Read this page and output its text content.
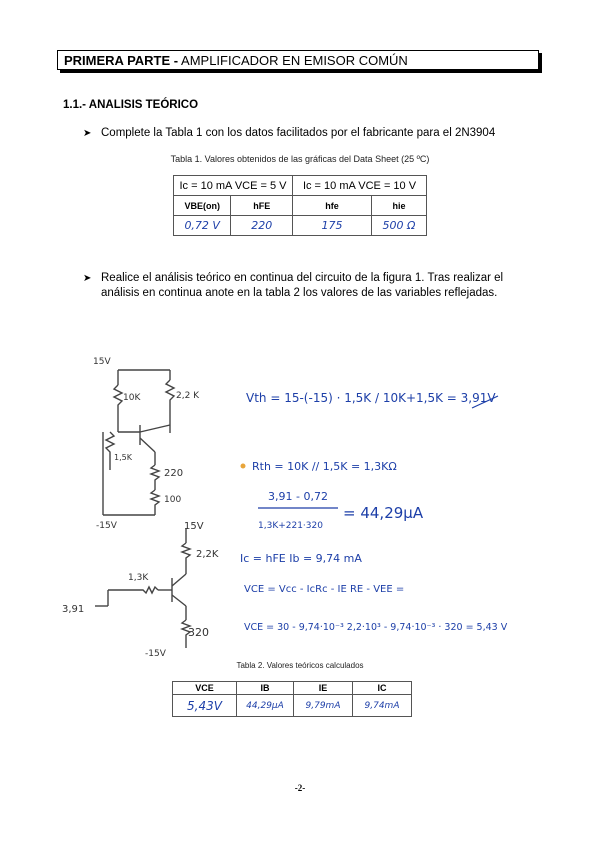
PRIMERA PARTE - AMPLIFICADOR EN EMISOR COMÚN
1.1.- ANALISIS TEÓRICO
➤ Complete la Tabla 1 con los datos facilitados por el fabricante para el 2N3904
Tabla 1. Valores obtenidos de las gráficas del Data Sheet (25 ºC)
Ic = 10 mA VCE = 5 V		Ic = 10 mA VCE = 10 V	
VBE(on)	hFE	hfe	hie
0,72 V	220	175	500 Ω
➤ Realice el análisis teórico en continua del circuito de la figura 1. Tras realizar el
análisis en continua anote en la tabla 2 los valores de las variables reflejadas.
15V
10K	2,2 K
1,5K
220
100
-15V
Vth = 15-(-15) · 1,5K / 10K+1,5K = 3,91V
Rth = 10K // 1,5K = 1,3KΩ
3,91 - 0,72
1,3K+221·320
= 44,29μA
15V
2,2K Ic = hFE Ib = 9,74 mA
1,3K
VCE = Vcc - IcRc - IE RE - VEE =
3,91
VCE = 30 - 9,74·10⁻³ 2,2·10³ - 9,74·10⁻³ · 320 = 5,43 V
320
-15V
Tabla 2. Valores teóricos calculados
VCE	IB	IE	IC
5,43V	44,29μA	9,79mA	9,74mA
-2-
